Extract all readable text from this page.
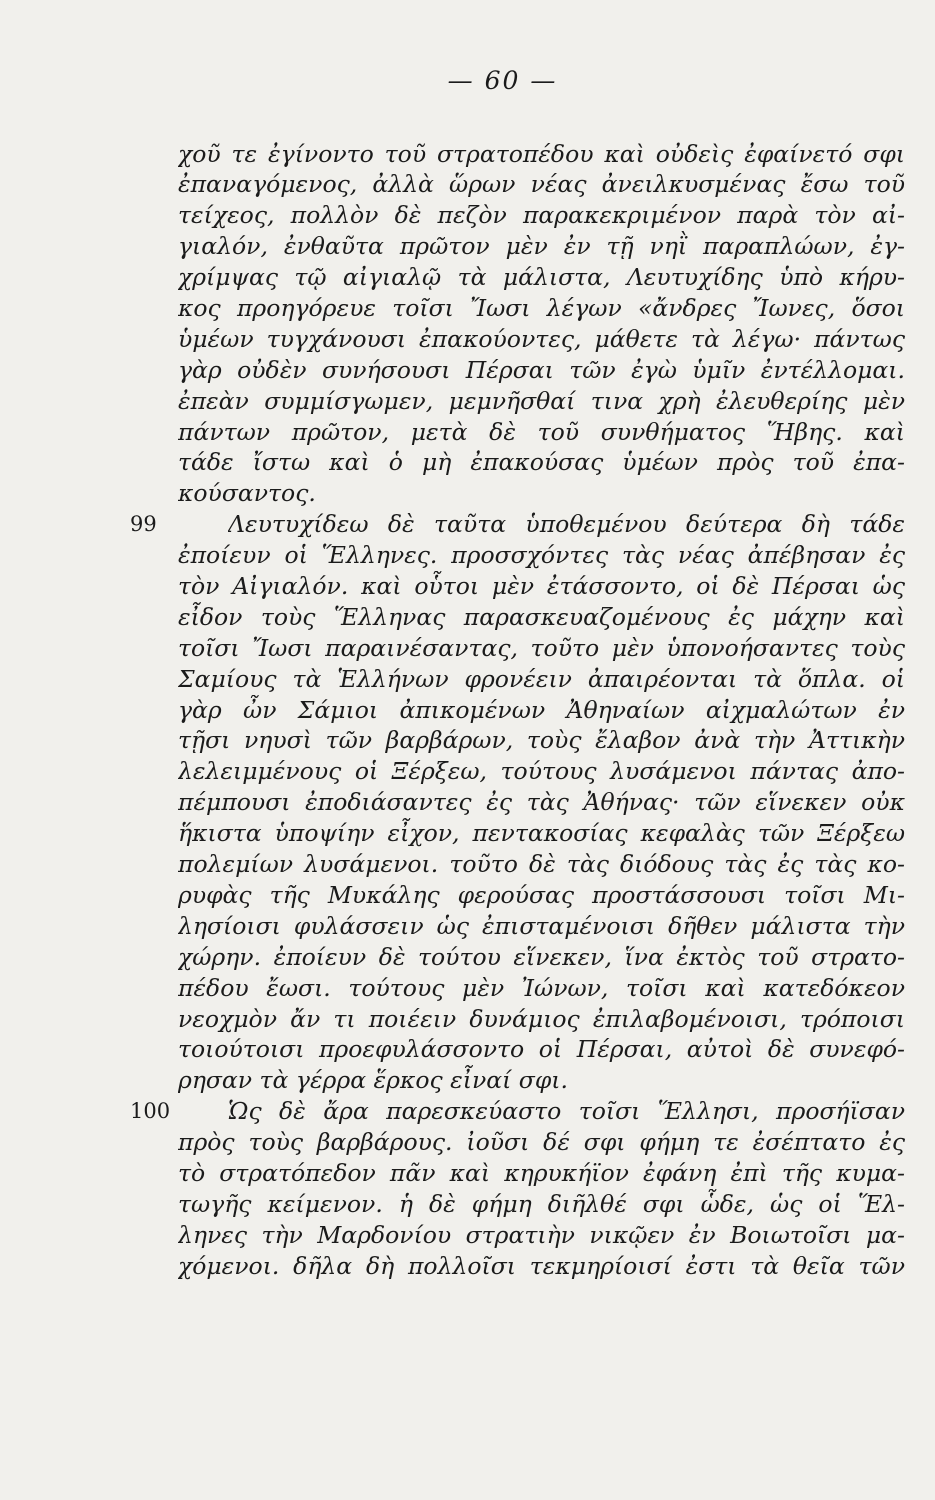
— 60 —
χοῦ τε ἐγίνοντο τοῦ στρατοπέδου καὶ οὐδεὶς ἐφαίνετό σφι
ἐπαναγόμενος, ἀλλὰ ὥρων νέας ἀνειλκυσμένας ἔσω τοῦ
τείχεος, πολλὸν δὲ πεζὸν παρακεκριμένον παρὰ τὸν αἰ-
γιαλόν, ἐνθαῦτα πρῶτον μὲν ἐν τῇ νηῒ παραπλώων, ἐγ-
χρίμψας τῷ αἰγιαλῷ τὰ μάλιστα, Λευτυχίδης ὑπὸ κήρυ-
κος προηγόρευε τοῖσι Ἴωσι λέγων «ἄνδρες Ἴωνες, ὅσοι
ὑμέων τυγχάνουσι ἐπακούοντες, μάθετε τὰ λέγω· πάντως
γὰρ οὐδὲν συνήσουσι Πέρσαι τῶν ἐγὼ ὑμῖν ἐντέλλομαι.
ἐπεὰν συμμίσγωμεν, μεμνῆσθαί τινα χρὴ ἐλευθερίης μὲν
πάντων πρῶτον, μετὰ δὲ τοῦ συνθήματος Ἥβης. καὶ
τάδε ἴστω καὶ ὁ μὴ ἐπακούσας ὑμέων πρὸς τοῦ ἐπα-
κούσαντος.
99	Λευτυχίδεω δὲ ταῦτα ὑποθεμένου δεύτερα δὴ τάδε
ἐποίευν οἱ Ἕλληνες. προσσχόντες τὰς νέας ἀπέβησαν ἐς
τὸν Αἰγιαλόν. καὶ οὗτοι μὲν ἐτάσσοντο, οἱ δὲ Πέρσαι ὡς
εἶδον τοὺς Ἕλληνας παρασκευαζομένους ἐς μάχην καὶ
τοῖσι Ἴωσι παραινέσαντας, τοῦτο μὲν ὑπονοήσαντες τοὺς
Σαμίους τὰ Ἑλλήνων φρονέειν ἀπαιρέονται τὰ ὅπλα. οἱ
γὰρ ὦν Σάμιοι ἀπικομένων Ἀθηναίων αἰχμαλώτων ἐν
τῇσι νηυσὶ τῶν βαρβάρων, τοὺς ἔλαβον ἀνὰ τὴν Ἀττικὴν
λελειμμένους οἱ Ξέρξεω, τούτους λυσάμενοι πάντας ἀπο-
πέμπουσι ἐποδιάσαντες ἐς τὰς Ἀθήνας· τῶν εἵνεκεν οὐκ
ἥκιστα ὑποψίην εἶχον, πεντακοσίας κεφαλὰς τῶν Ξέρξεω
πολεμίων λυσάμενοι. τοῦτο δὲ τὰς διόδους τὰς ἐς τὰς κο-
ρυφὰς τῆς Μυκάλης φερούσας προστάσσουσι τοῖσι Μι-
λησίοισι φυλάσσειν ὡς ἐπισταμένοισι δῆθεν μάλιστα τὴν
χώρην. ἐποίευν δὲ τούτου εἵνεκεν, ἵνα ἐκτὸς τοῦ στρατο-
πέδου ἔωσι. τούτους μὲν Ἰώνων, τοῖσι καὶ κατεδόκεον
νεοχμὸν ἄν τι ποιέειν δυνάμιος ἐπιλαβομένοισι, τρόποισι
τοιούτοισι προεφυλάσσοντο οἱ Πέρσαι, αὐτοὶ δὲ συνεφό-
ρησαν τὰ γέρρα ἕρκος εἶναί σφι.
100 Ὡς δὲ ἄρα παρεσκεύαστο τοῖσι Ἕλλησι, προσήϊσαν
πρὸς τοὺς βαρβάρους. ἰοῦσι δέ σφι φήμη τε ἐσέπτατο ἐς
τὸ στρατόπεδον πᾶν καὶ κηρυκήϊον ἐφάνη ἐπὶ τῆς κυμα-
τωγῆς κείμενον. ἡ δὲ φήμη διῆλθέ σφι ὧδε, ὡς οἱ Ἕλ-
ληνες τὴν Μαρδονίου στρατιὴν νικῷεν ἐν Βοιωτοῖσι μα-
χόμενοι. δῆλα δὴ πολλοῖσι τεκμηρίοισί ἐστι τὰ θεῖα τῶν
